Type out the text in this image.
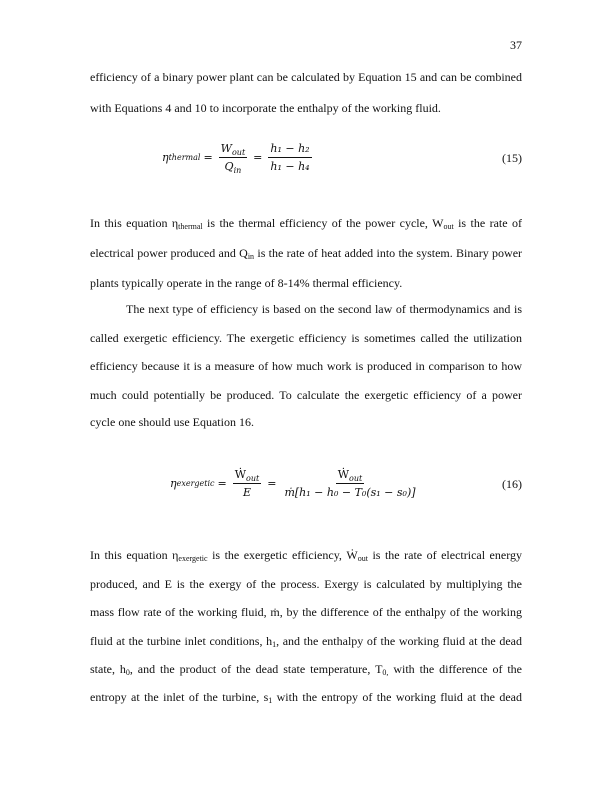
37
efficiency of a binary power plant can be calculated by Equation 15 and can be combined
with Equations 4 and 10 to incorporate the enthalpy of the working fluid.
η thermal = $\frac{W_{out}}{Q_{in}} = \frac{\text{h₁ − h₂}}{\text{h₁ − h₄}}$	(15)
In this equation $\eta_{thermal}$ is the thermal efficiency of the power cycle, $W_{out}$ is the rate of
electrical power produced and $Q_{in}$ is the rate of heat added into the system. Binary power
plants typically operate in the range of 8-14% thermal efficiency.
The next type of efficiency is based on the second law of thermodynamics and is
called exergetic efficiency. The exergetic efficiency is sometimes called the utilization
efficiency because it is a measure of how much work is produced in comparison to how
much could potentially be produced. To calculate the exergetic efficiency of a power
cycle one should use Equation 16.
η exergetic = $\frac{Ẇ_{out}}{E} = \frac{Ẇ_{out}}{\text{ṁ[h₁ − h₀ − T₀(s₁ − s₀)]}}$	(16)
In this equation $\eta_{exergetic}$ is the exergetic efficiency, Ẇ$_{out}$ is the rate of electrical energy
produced, and E is the exergy of the process. Exergy is calculated by multiplying the
mass flow rate of the working fluid, ṁ, by the difference of the enthalpy of the working
fluid at the turbine inlet conditions, $h_1$, and the enthalpy of the working fluid at the dead
state, $h_0$, and the product of the dead state temperature, $T_{0,}$ with the difference of the
entropy at the inlet of the turbine, $s_1$ with the entropy of the working fluid at the dead
